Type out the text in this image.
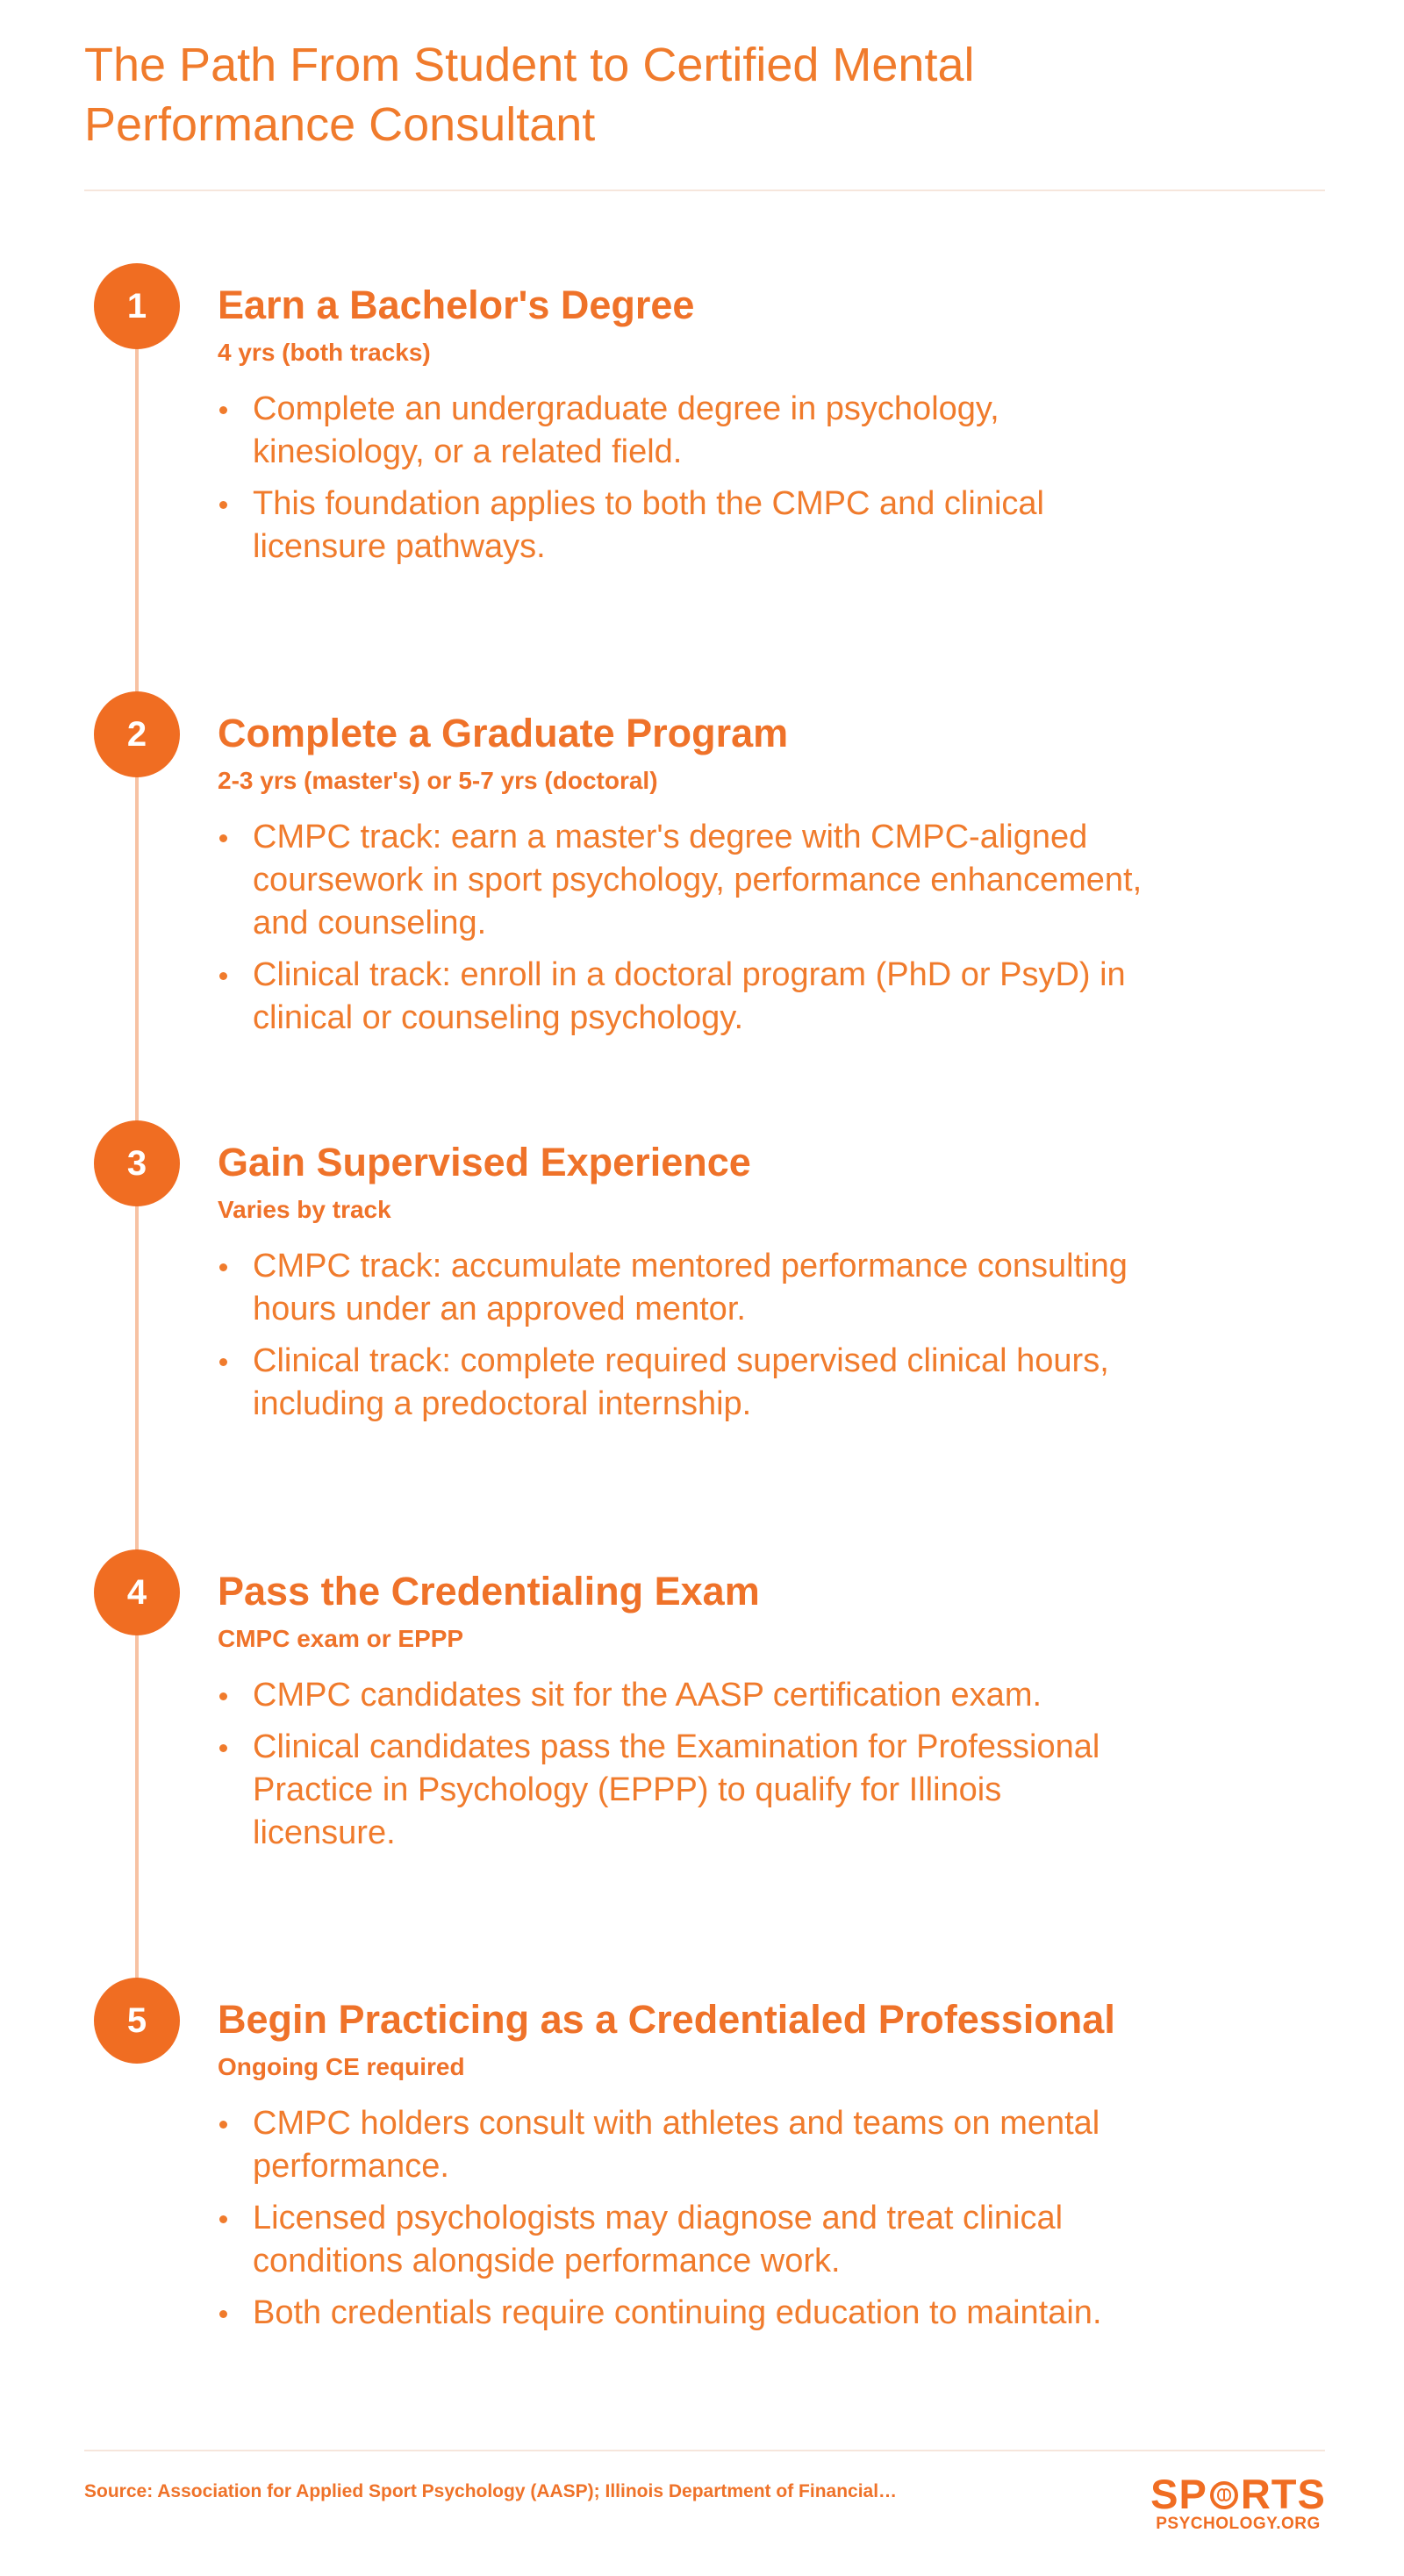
The Path From Student to Certified Mental Performance Consultant
1	Earn a Bachelor's Degree
4 yrs (both tracks)
Complete an undergraduate degree in psychology, kinesiology, or a related field.
This foundation applies to both the CMPC and clinical licensure pathways.
2	Complete a Graduate Program
2-3 yrs (master's) or 5-7 yrs (doctoral)
CMPC track: earn a master's degree with CMPC-aligned coursework in sport psychology, performance enhancement, and counseling.
Clinical track: enroll in a doctoral program (PhD or PsyD) in clinical or counseling psychology.
3	Gain Supervised Experience
Varies by track
CMPC track: accumulate mentored performance consulting hours under an approved mentor.
Clinical track: complete required supervised clinical hours, including a predoctoral internship.
4	Pass the Credentialing Exam
CMPC exam or EPPP
CMPC candidates sit for the AASP certification exam.
Clinical candidates pass the Examination for Professional Practice in Psychology (EPPP) to qualify for Illinois licensure.
5	Begin Practicing as a Credentialed Professional
Ongoing CE required
CMPC holders consult with athletes and teams on mental performance.
Licensed psychologists may diagnose and treat clinical conditions alongside performance work.
Both credentials require continuing education to maintain.
Source: Association for Applied Sport Psychology (AASP); Illinois Department of Financial…	SP RTS
PSYCHOLOGY.ORG
